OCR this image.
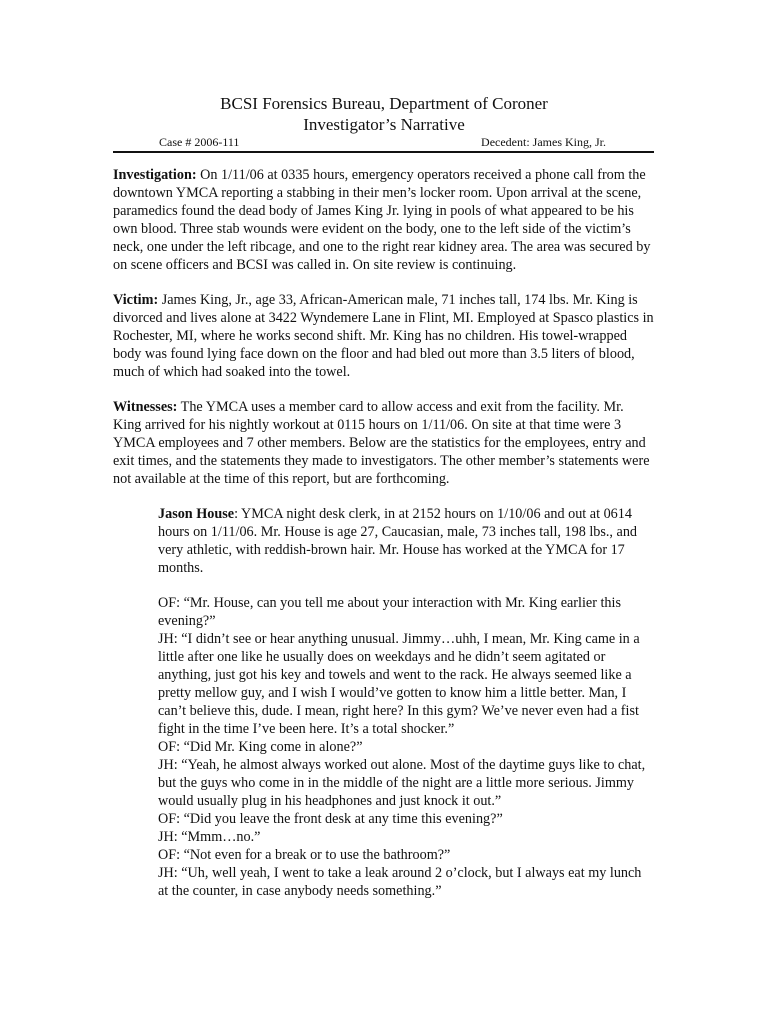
BCSI Forensics Bureau, Department of Coroner
Investigator’s Narrative
Case # 2006-111	Decedent: James King, Jr.

Investigation: On 1/11/06 at 0335 hours, emergency operators received a phone call from the downtown YMCA reporting a stabbing in their men’s locker room. Upon arrival at the scene, paramedics found the dead body of James King Jr. lying in pools of what appeared to be his own blood. Three stab wounds were evident on the body, one to the left side of the victim’s neck, one under the left ribcage, and one to the right rear kidney area. The area was secured by on scene officers and BCSI was called in. On site review is continuing.

Victim: James King, Jr., age 33, African-American male, 71 inches tall, 174 lbs. Mr. King is divorced and lives alone at 3422 Wyndemere Lane in Flint, MI. Employed at Spasco plastics in Rochester, MI, where he works second shift. Mr. King has no children. His towel-wrapped body was found lying face down on the floor and had bled out more than 3.5 liters of blood, much of which had soaked into the towel.

Witnesses: The YMCA uses a member card to allow access and exit from the facility. Mr. King arrived for his nightly workout at 0115 hours on 1/11/06. On site at that time were 3 YMCA employees and 7 other members. Below are the statistics for the employees, entry and exit times, and the statements they made to investigators. The other member’s statements were not available at the time of this report, but are forthcoming.

Jason House: YMCA night desk clerk, in at 2152 hours on 1/10/06 and out at 0614 hours on 1/11/06. Mr. House is age 27, Caucasian, male, 73 inches tall, 198 lbs., and very athletic, with reddish-brown hair. Mr. House has worked at the YMCA for 17 months.

OF: “Mr. House, can you tell me about your interaction with Mr. King earlier this evening?”
JH: “I didn’t see or hear anything unusual. Jimmy…uhh, I mean, Mr. King came in a little after one like he usually does on weekdays and he didn’t seem agitated or anything, just got his key and towels and went to the rack. He always seemed like a pretty mellow guy, and I wish I would’ve gotten to know him a little better. Man, I can’t believe this, dude. I mean, right here? In this gym? We’ve never even had a fist fight in the time I’ve been here. It’s a total shocker.”
OF: “Did Mr. King come in alone?”
JH: “Yeah, he almost always worked out alone. Most of the daytime guys like to chat, but the guys who come in in the middle of the night are a little more serious. Jimmy would usually plug in his headphones and just knock it out.”
OF: “Did you leave the front desk at any time this evening?”
JH: “Mmm…no.”
OF: “Not even for a break or to use the bathroom?”
JH: “Uh, well yeah, I went to take a leak around 2 o’clock, but I always eat my lunch at the counter, in case anybody needs something.”
